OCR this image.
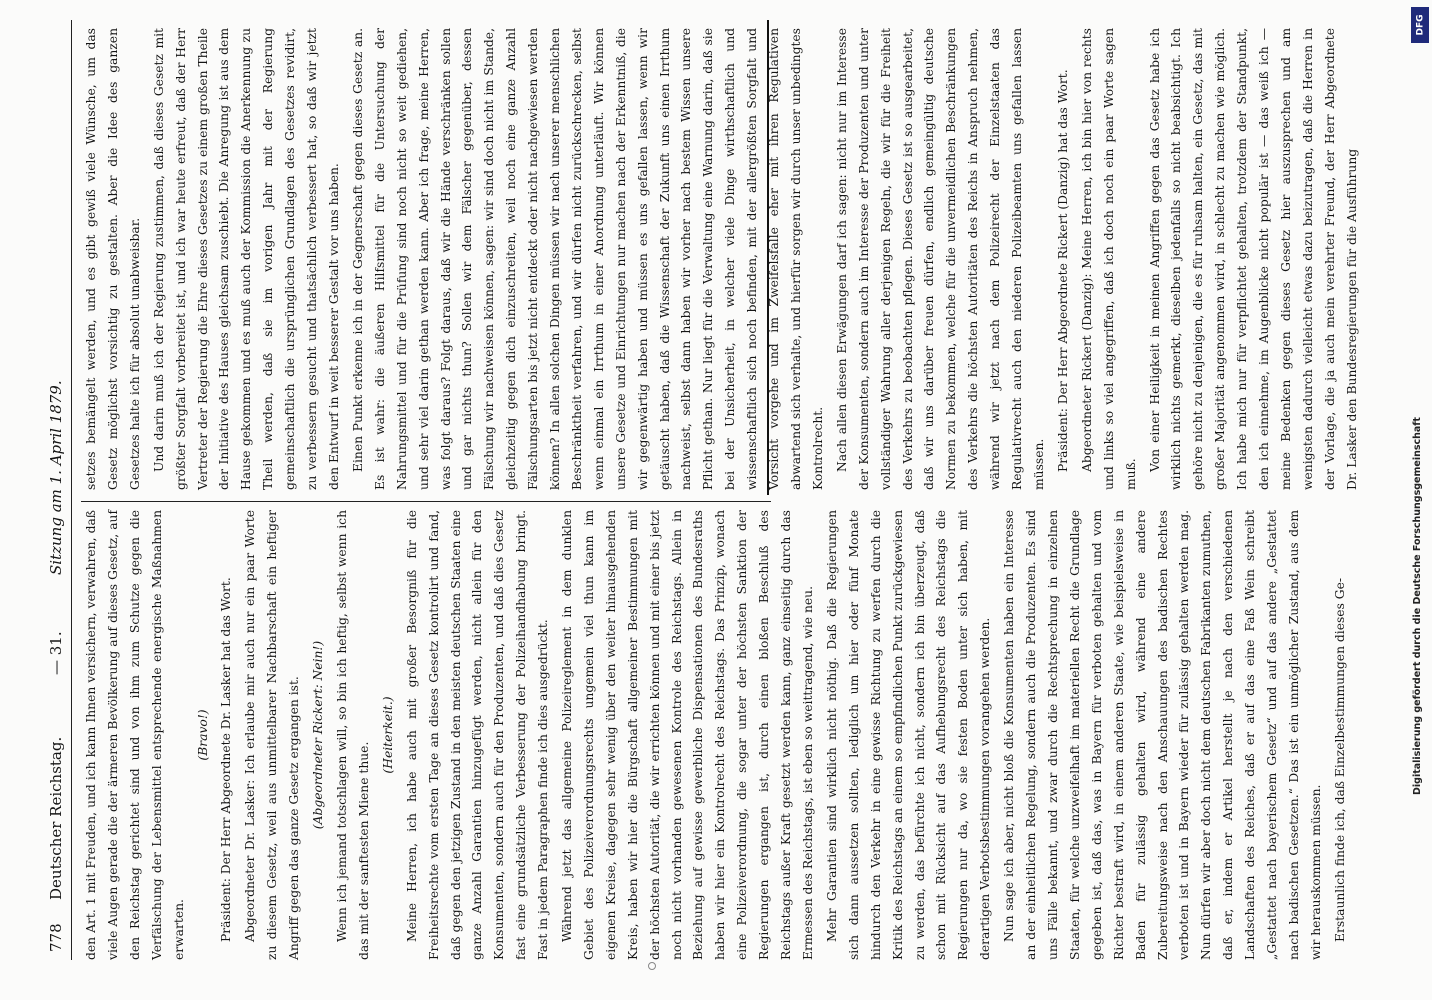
778
Deutscher Reichstag.
— 31.
Sitzung am 1. April 1879.

den Art. 1 mit Freuden, und ich kann Ihnen versichern, verwahren, daß viele Augen gerade die der ärmeren Bevölkerung auf dieses Gesetz, auf den Reichstag gerichtet sind und von ihm zum Schutze gegen die Verfälschung der Lebensmittel entsprechende energische Maßnahmen erwarten.

(Bravo!) Präsident: Der Herr Abgeordnete Dr. Lasker hat das Wort. Abgeordneter Dr. Lasker: Ich erlaube mir auch nur ein paar Worte zu diesem Gesetz, weil aus unmittelbarer Nachbarschaft ein heftiger Angriff gegen das ganze Gesetz ergangen ist. (Abgeordneter Rickert: Nein!) Wenn ich jemand totschlagen will, so bin ich heftig, selbst wenn ich das mit der sanftesten Miene thue.

(Heiterkeit.) Meine Herren, ich habe auch mit großer Besorgniß für die Freiheitsrechte vom ersten Tage an dieses Gesetz kontrolirt und fand, daß gegen den jetzigen Zustand in den meisten deutschen Staaten eine ganze Anzahl Garantien hinzugefügt werden, nicht allein für den Konsumenten, sondern auch für den Produzenten, und daß dies Gesetz fast eine grundsätzliche Verbesserung der Polizeihandhabung bringt. Fast in jedem Paragraphen finde ich dies ausgedrückt. Während jetzt das allgemeine Polizeireglement in dem dunklen Gebiet des Polizeiverordnungsrechts ungemein viel thun kann im eigenen Kreise, dagegen sehr wenig über den weiter hinausgehenden Kreis, haben wir hier die Bürgschaft allgemeiner Bestimmungen mit der höchsten Autorität, die wir errichten können und mit einer bis jetzt noch nicht vorhanden gewesenen Kontrole des Reichstags. Allein in Beziehung auf gewisse gewerbliche Dispensationen des Bundesraths haben wir hier ein Kontrolrecht des Reichstags. Das Prinzip, wonach eine Polizeiverordnung, die sogar unter der höchsten Sanktion der Regierungen ergangen ist, durch einen bloßen Beschluß des Reichstags außer Kraft gesetzt werden kann, ganz einseitig durch das Ermessen des Reichstags, ist eben so weittragend, wie neu. Mehr Garantien sind wirklich nicht nöthig. Daß die Regierungen sich dann aussetzen sollten, lediglich um hier oder fünf Monate hindurch den Verkehr in eine gewisse Richtung zu werfen durch die Kritik des Reichstags an einem so empfindlichen Punkt zurückgewiesen zu werden, das befürchte ich nicht, sondern ich bin überzeugt, daß schon mit Rücksicht auf das Aufhebungsrecht des Reichstags die Regierungen nur da, wo sie festen Boden unter sich haben, mit derartigen Verbotsbestimmungen vorangehen werden. Nun sage ich aber, nicht bloß die Konsumenten haben ein Interesse an der einheitlichen Regelung, sondern auch die Produzenten. Es sind uns Fälle bekannt, und zwar durch die Rechtsprechung in einzelnen Staaten, für welche unzweifelhaft im materiellen Recht die Grundlage gegeben ist, daß das, was in Bayern für verboten gehalten und vom Richter bestraft wird, in einem anderen Staate, wie beispielsweise in Baden für zulässig gehalten wird, während eine andere Zubereitungsweise nach den Anschauungen des badischen Rechtes verboten ist und in Bayern wieder für zulässig gehalten werden mag. Nun dürfen wir aber doch nicht dem deutschen Fabrikanten zumuthen, daß er, indem er Artikel herstellt je nach den verschiedenen Landschaften des Reiches, daß er auf das eine Faß Wein schreibt „Gestattet nach bayerischem Gesetz“ und auf das andere „Gestattet nach badischen Gesetzen.“ Das ist ein unmöglicher Zustand, aus dem wir herauskommen müssen. Erstaunlich finde ich, daß Einzelbestimmungen dieses Ge-

setzes bemängelt werden, und es gibt gewiß viele Wünsche, um das Gesetz möglichst vorsichtig zu gestalten. Aber die Idee des ganzen Gesetzes halte ich für absolut unabweisbar. Und darin muß ich der Regierung zustimmen, daß dieses Gesetz mit größter Sorgfalt vorbereitet ist, und ich war heute erfreut, daß der Herr Vertreter der Regierung die Ehre dieses Gesetzes zu einem großen Theile der Initiative des Hauses gleichsam zuschiebt. Die Anregung ist aus dem Hause gekommen und es muß auch der Kommission die Anerkennung zu Theil werden, daß sie im vorigen Jahr mit der Regierung gemeinschaftlich die ursprünglichen Grundlagen des Gesetzes revidirt, zu verbessern gesucht und thatsächlich verbessert hat, so daß wir jetzt den Entwurf in weit besserer Gestalt vor uns haben. Einen Punkt erkenne ich in der Gegnerschaft gegen dieses Gesetz an. Es ist wahr: die äußeren Hilfsmittel für die Untersuchung der Nahrungsmittel und für die Prüfung sind noch nicht so weit gediehen, und sehr viel darin gethan werden kann. Aber ich frage, meine Herren, was folgt daraus? Folgt daraus, daß wir die Hände verschränken sollen und gar nichts thun? Sollen wir dem Fälscher gegenüber, dessen Fälschung wir nachweisen können, sagen: wir sind doch nicht im Stande, gleichzeitig gegen dich einzuschreiten, weil noch eine ganze Anzahl Fälschungsarten bis jetzt nicht entdeckt oder nicht nachgewiesen werden können? In allen solchen Dingen müssen wir nach unserer menschlichen Beschränktheit verfahren, und wir dürfen nicht zurückschrecken, selbst wenn einmal ein Irrthum in einer Anordnung unterläuft. Wir können unsere Gesetze und Einrichtungen nur machen nach der Erkenntniß, die wir gegenwärtig haben und müssen es uns gefallen lassen, wenn wir getäuscht haben, daß die Wissenschaft der Zukunft uns einen Irrthum nachweist, selbst dann haben wir vorher nach bestem Wissen unsere Pflicht gethan. Nur liegt für die Verwaltung eine Warnung darin, daß sie bei der Unsicherheit, in welcher viele Dinge wirthschaftlich und wissenschaftlich sich noch befinden, mit der allergrößten Sorgfalt und Vorsicht vorgehe und im Zweifelsfalle eher mit ihren Regulativen abwartend sich verhalte, und hierfür sorgen wir durch unser unbedingtes Kontrolrecht. Nach allen diesen Erwägungen darf ich sagen: nicht nur im Interesse der Konsumenten, sondern auch im Interesse der Produzenten und unter vollständiger Wahrung aller derjenigen Regeln, die wir für die Freiheit des Verkehrs zu beobachten pflegen. Dieses Gesetz ist so ausgearbeitet, daß wir uns darüber freuen dürfen, endlich gemeingültig deutsche Normen zu bekommen, welche für die unvermeidlichen Beschränkungen des Verkehrs die höchsten Autoritäten des Reichs in Anspruch nehmen, während wir jetzt nach dem Polizeirecht der Einzelstaaten das Regulativrecht auch den niederen Polizeibeamten uns gefallen lassen müssen. Präsident: Der Herr Abgeordnete Rickert (Danzig) hat das Wort. Abgeordneter Rickert (Danzig): Meine Herren, ich bin hier von rechts und links so viel angegriffen, daß ich doch noch ein paar Worte sagen muß.

Von einer Heiligkeit in meinen Angriffen gegen das Gesetz habe ich wirklich nichts gemerkt, dieselben jedenfalls so nicht beabsichtigt. Ich gehöre nicht zu denjenigen, die es für ruhsam halten, ein Gesetz, das mit großer Majorität angenommen wird, in schlecht zu machen wie möglich. Ich habe mich nur für verpflichtet gehalten, trotzdem der Standpunkt, den ich einnehme, im Augenblicke nicht populär ist — das weiß ich — meine Bedenken gegen dieses Gesetz hier auszusprechen und am wenigsten dadurch vielleicht etwas dazu beizutragen, daß die Herren in der Vorlage, die ja auch mein verehrter Freund, der Herr Abgeordnete Dr. Lasker den Bundesregierungen für die Ausführung

DFG
Digitalisierung gefördert durch die Deutsche Forschungsgemeinschaft
